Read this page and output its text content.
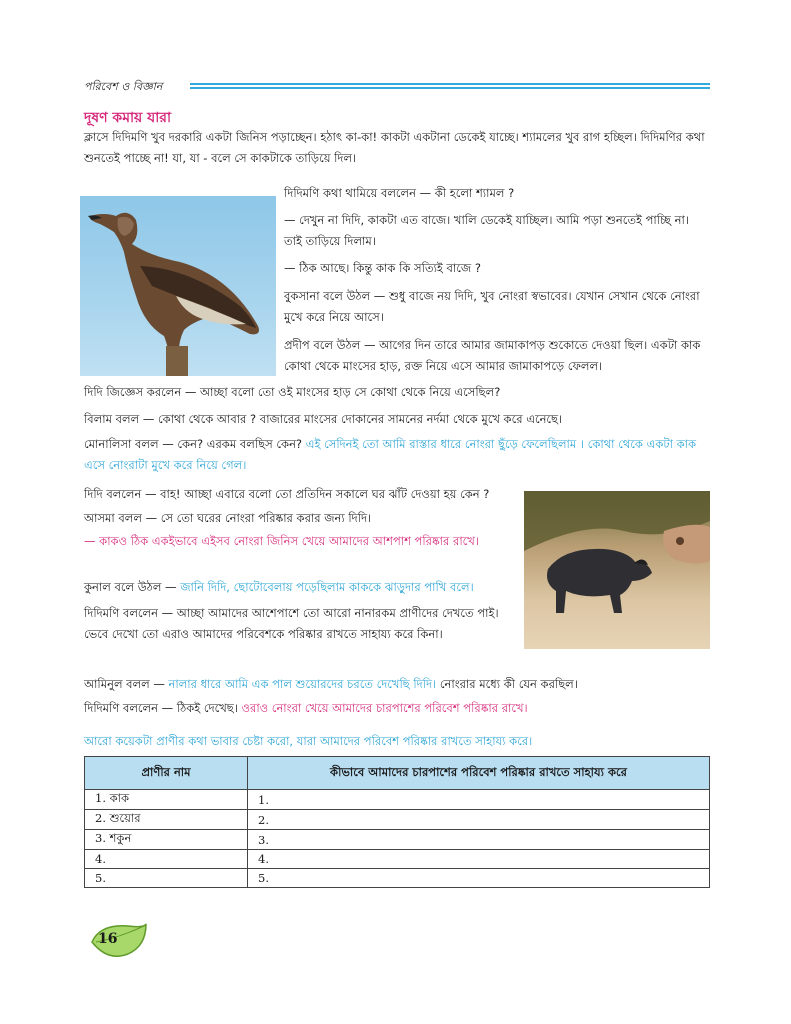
পরিবেশ ও বিজ্ঞান
দূষণ কমায় যারা

ক্লাসে দিদিমণি খুব দরকারি একটা জিনিস পড়াচ্ছেন। হঠাৎ কা-কা! কাকটা একটানা ডেকেই যাচ্ছে। শ্যামলের খুব রাগ হচ্ছিল। দিদিমণির কথা শুনতেই পাচ্ছে না! যা, যা - বলে সে কাকটাকে তাড়িয়ে দিল।

দিদিমণি কথা থামিয়ে বললেন — কী হলো শ্যামল ?

— দেখুন না দিদি, কাকটা এত বাজে। খালি ডেকেই যাচ্ছিল। আমি পড়া শুনতেই পাচ্ছি না। তাই তাড়িয়ে দিলাম।

— ঠিক আছে। কিন্তু কাক কি সত্যিই বাজে ?

বুকসানা বলে উঠল — শুধু বাজে নয় দিদি, খুব নোংরা স্বভাবের। যেখান সেখান থেকে নোংরা মুখে করে নিয়ে আসে।

প্রদীপ বলে উঠল — আগের দিন তারে আমার জামাকাপড় শুকোতে দেওয়া ছিল। একটা কাক কোথা থেকে মাংসের হাড়, রক্ত নিয়ে এসে আমার জামাকাপড়ে ফেলল।

দিদি জিজ্ঞেস করলেন — আচ্ছা বলো তো ওই মাংসের হাড় সে কোথা থেকে নিয়ে এসেছিল?

বিলাম বলল — কোথা থেকে আবার ? বাজারের মাংসের দোকানের সামনের নর্দমা থেকে মুখে করে এনেছে।

মোনালিসা বলল — কেন? এরকম বলছিস কেন? এই সেদিনই তো আমি রাস্তার ধারে নোংরা ছুঁড়ে ফেলেছিলাম । কোথা থেকে একটা কাক এসে নোংরাটা মুখে করে নিয়ে গেল।

দিদি বললেন — বাহ! আচ্ছা এবারে বলো তো প্রতিদিন সকালে ঘর ঝাঁট দেওয়া হয় কেন ?

আসমা বলল — সে তো ঘরের নোংরা পরিষ্কার করার জন্য দিদি।

— কাকও ঠিক একইভাবে এইসব নোংরা জিনিস খেয়ে আমাদের আশপাশ পরিষ্কার রাখে।

কুনাল বলে উঠল — জানি দিদি, ছোটোবেলায় পড়েছিলাম কাককে ঝাড়ুদার পাখি বলে।

দিদিমণি বললেন — আচ্ছা আমাদের আশেপাশে তো আরো নানারকম প্রাণীদের দেখতে পাই। ভেবে দেখো তো এরাও আমাদের পরিবেশকে পরিষ্কার রাখতে সাহায্য করে কিনা।

আমিনুল বলল — নালার ধারে আমি এক পাল শুয়োরদের চরতে দেখেছি দিদি। নোংরার মধ্যে কী যেন করছিল।

দিদিমণি বললেন — ঠিকই দেখেছ। ওরাও নোংরা খেয়ে আমাদের চারপাশের পরিবেশ পরিষ্কার রাখে।

আরো কয়েকটা প্রাণীর কথা ভাবার চেষ্টা করো, যারা আমাদের পরিবেশ পরিষ্কার রাখতে সাহায্য করে।
প্রাণীর নাম	কীভাবে আমাদের চারপাশের পরিবেশ পরিষ্কার রাখতে সাহায্য করে
1. কাক	1.
2. শুয়োর	2.
3. শকুন	3.
4.	4.
5.	5.
16
